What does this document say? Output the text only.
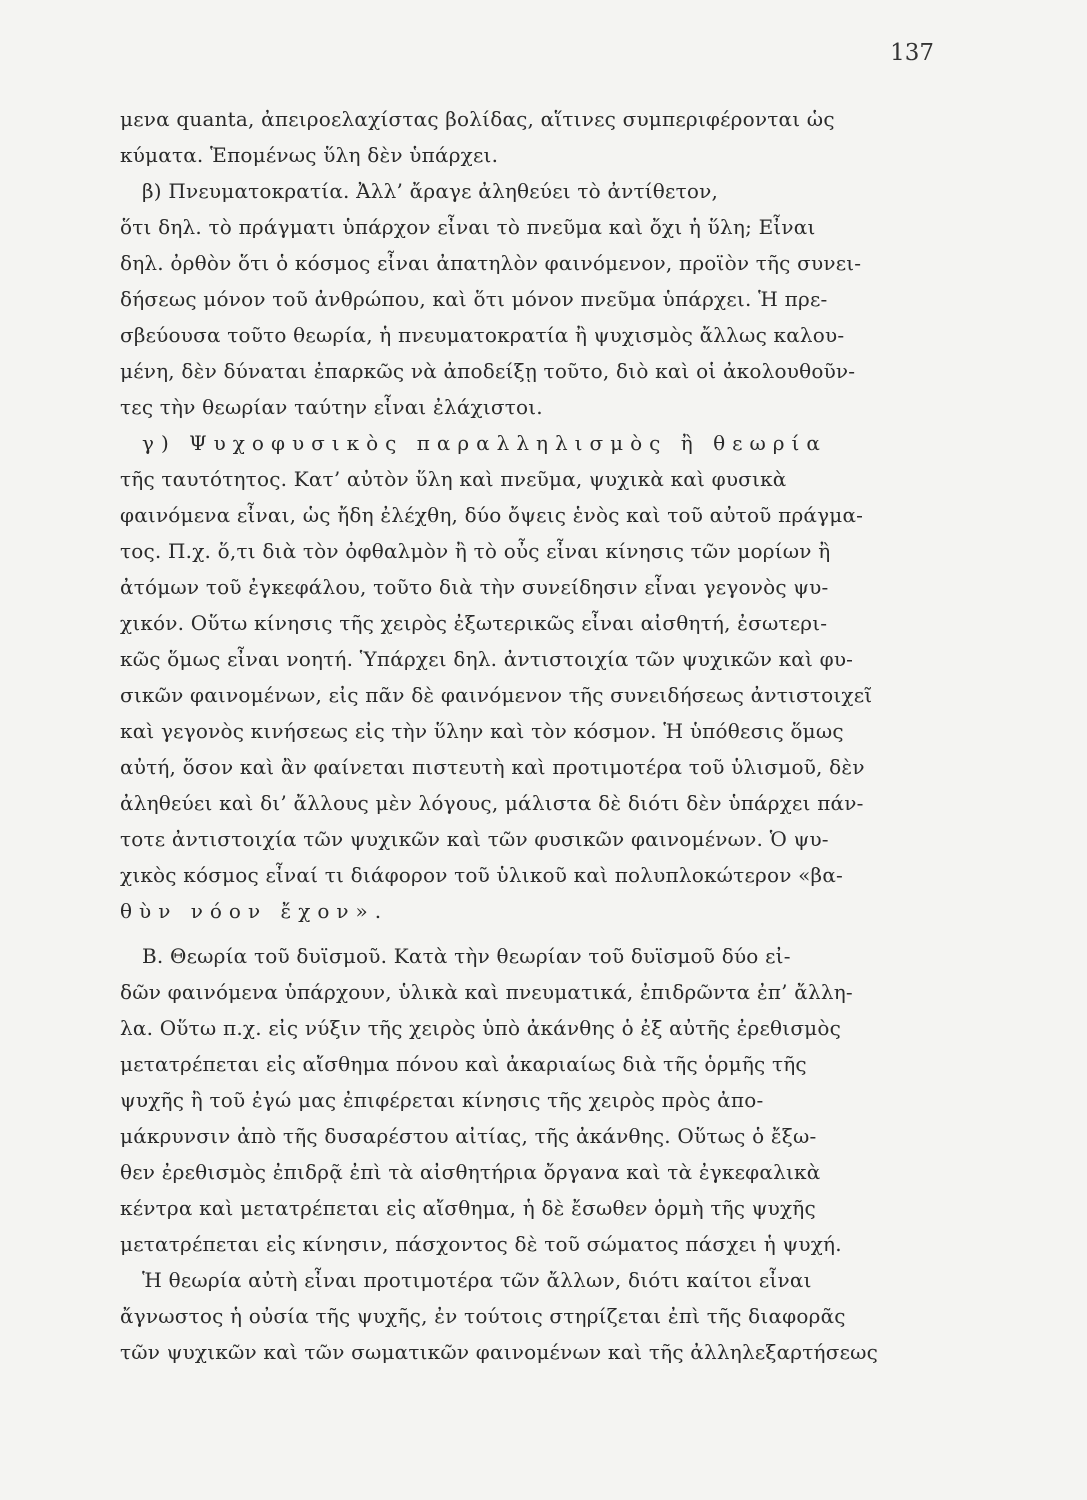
137
μενα quanta, ἀπειροελαχίστας βολίδας, αἵτινες συμπεριφέρονται ὡς
κύματα. Ἑπομένως ὕλη δὲν ὑπάρχει.
β) Πνευματοκρατία. Ἀλλ’ ἄραγε ἀληθεύει τὸ ἀντίθετον,
ὅτι δηλ. τὸ πράγματι ὑπάρχον εἶναι τὸ πνεῦμα καὶ ὄχι ἡ ὕλη; Εἶναι
δηλ. ὀρθὸν ὅτι ὁ κόσμος εἶναι ἀπατηλὸν φαινόμενον, προϊὸν τῆς συνει-
δήσεως μόνον τοῦ ἀνθρώπου, καὶ ὅτι μόνον πνεῦμα ὑπάρχει. Ἡ πρε-
σβεύουσα τοῦτο θεωρία, ἡ πνευματοκρατία ἢ ψυχισμὸς ἄλλως καλου-
μένη, δὲν δύναται ἐπαρκῶς νὰ ἀποδείξῃ τοῦτο, διὸ καὶ οἱ ἀκολουθοῦν-
τες τὴν θεωρίαν ταύτην εἶναι ἐλάχιστοι.
γ) Ψυχοφυσικὸς παραλληλισμὸς ἢ θεωρία
τῆς ταυτότητος. Κατ’ αὐτὸν ὕλη καὶ πνεῦμα, ψυχικὰ καὶ φυσικὰ
φαινόμενα εἶναι, ὡς ἤδη ἐλέχθη, δύο ὄψεις ἑνὸς καὶ τοῦ αὐτοῦ πράγμα-
τος. Π.χ. ὅ,τι διὰ τὸν ὀφθαλμὸν ἢ τὸ οὖς εἶναι κίνησις τῶν μορίων ἢ
ἀτόμων τοῦ ἐγκεφάλου, τοῦτο διὰ τὴν συνείδησιν εἶναι γεγονὸς ψυ-
χικόν. Οὕτω κίνησις τῆς χειρὸς ἐξωτερικῶς εἶναι αἰσθητή, ἐσωτερι-
κῶς ὅμως εἶναι νοητή. Ὑπάρχει δηλ. ἀντιστοιχία τῶν ψυχικῶν καὶ φυ-
σικῶν φαινομένων, εἰς πᾶν δὲ φαινόμενον τῆς συνειδήσεως ἀντιστοιχεῖ
καὶ γεγονὸς κινήσεως εἰς τὴν ὕλην καὶ τὸν κόσμον. Ἡ ὑπόθεσις ὅμως
αὐτή, ὅσον καὶ ἂν φαίνεται πιστευτὴ καὶ προτιμοτέρα τοῦ ὑλισμοῦ, δὲν
ἀληθεύει καὶ δι’ ἄλλους μὲν λόγους, μάλιστα δὲ διότι δὲν ὑπάρχει πάν-
τοτε ἀντιστοιχία τῶν ψυχικῶν καὶ τῶν φυσικῶν φαινομένων. Ὁ ψυ-
χικὸς κόσμος εἶναί τι διάφορον τοῦ ὑλικοῦ καὶ πολυπλοκώτερον «βα-
θὺν νόον ἔχον».
Β. Θεωρία τοῦ δυϊσμοῦ. Κατὰ τὴν θεωρίαν τοῦ δυϊσμοῦ δύο εἰ-
δῶν φαινόμενα ὑπάρχουν, ὑλικὰ καὶ πνευματικά, ἐπιδρῶντα ἐπ’ ἄλλη-
λα. Οὕτω π.χ. εἰς νύξιν τῆς χειρὸς ὑπὸ ἀκάνθης ὁ ἐξ αὐτῆς ἐρεθισμὸς
μετατρέπεται εἰς αἴσθημα πόνου καὶ ἀκαριαίως διὰ τῆς ὁρμῆς τῆς
ψυχῆς ἢ τοῦ ἐγώ μας ἐπιφέρεται κίνησις τῆς χειρὸς πρὸς ἀπο-
μάκρυνσιν ἀπὸ τῆς δυσαρέστου αἰτίας, τῆς ἀκάνθης. Οὕτως ὁ ἔξω-
θεν ἐρεθισμὸς ἐπιδρᾷ ἐπὶ τὰ αἰσθητήρια ὄργανα καὶ τὰ ἐγκεφαλικὰ
κέντρα καὶ μετατρέπεται εἰς αἴσθημα, ἡ δὲ ἔσωθεν ὁρμὴ τῆς ψυχῆς
μετατρέπεται εἰς κίνησιν, πάσχοντος δὲ τοῦ σώματος πάσχει ἡ ψυχή.
Ἡ θεωρία αὐτὴ εἶναι προτιμοτέρα τῶν ἄλλων, διότι καίτοι εἶναι
ἄγνωστος ἡ οὐσία τῆς ψυχῆς, ἐν τούτοις στηρίζεται ἐπὶ τῆς διαφορᾶς
τῶν ψυχικῶν καὶ τῶν σωματικῶν φαινομένων καὶ τῆς ἀλληλεξαρτήσεως
